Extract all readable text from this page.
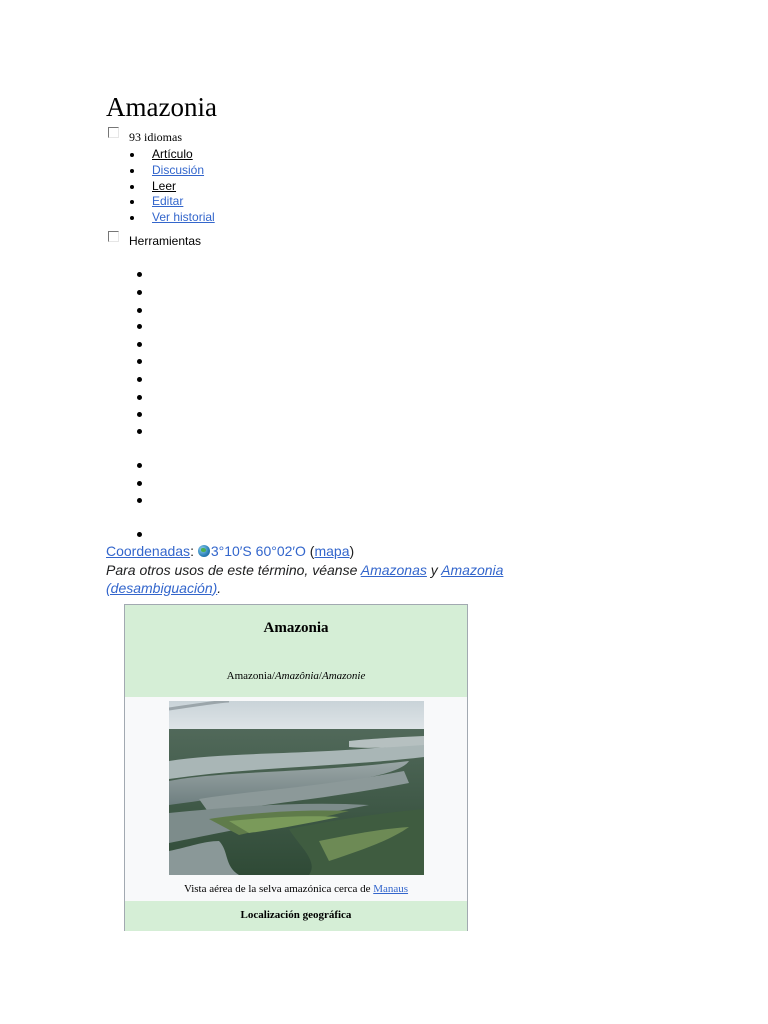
Amazonia
93 idiomas
Artículo
Discusión
Leer
Editar
Ver historial
Herramientas
Coordenadas: 3°10′S 60°02′O (mapa)
Para otros usos de este término, véanse Amazonas y Amazonia (desambiguación).
Amazonia
Amazonia/Amazônia/Amazonie
Vista aérea de la selva amazónica cerca de Manaus
Localización geográfica
